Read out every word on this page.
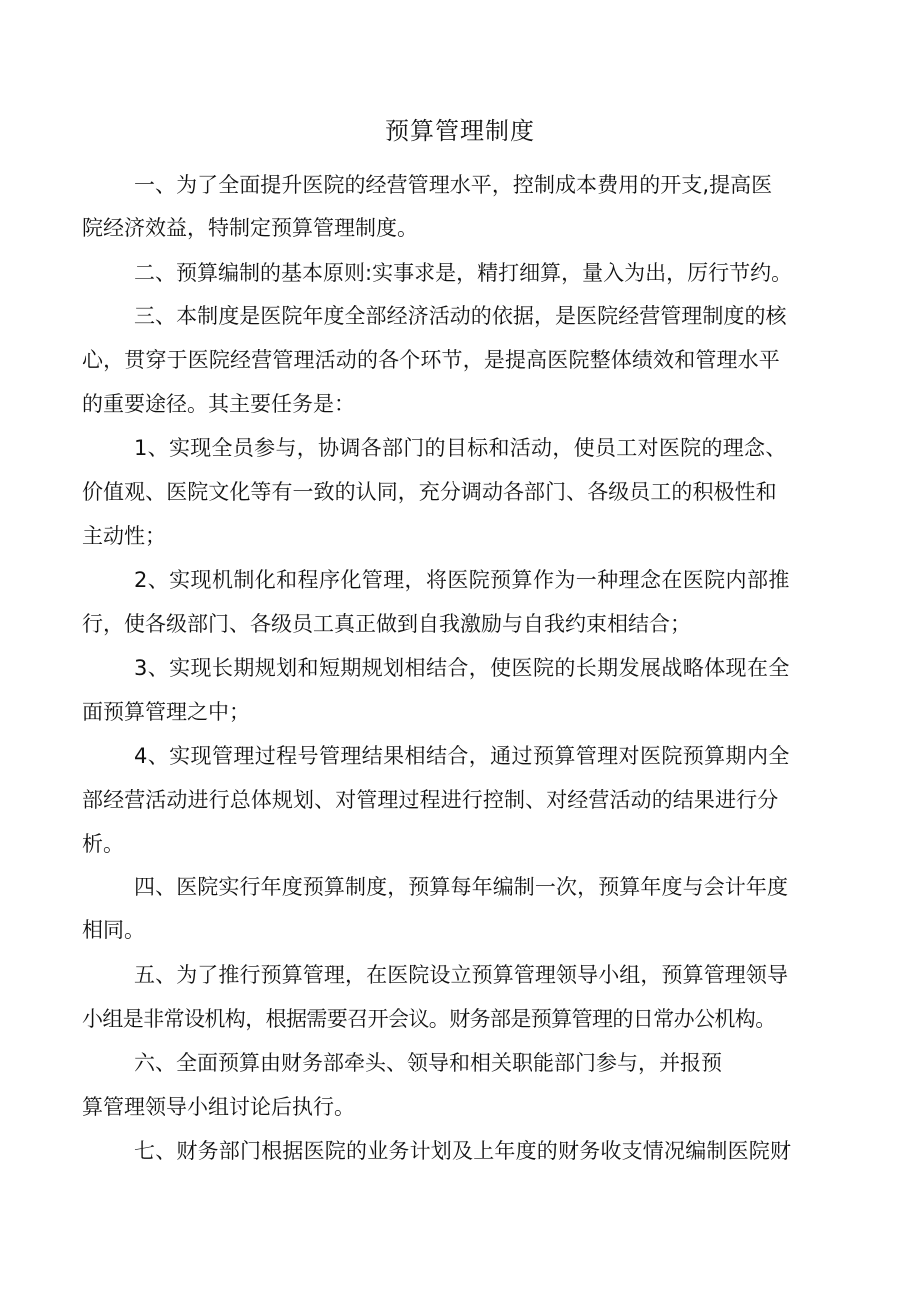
预算管理制度
一、为了全面提升医院的经营管理水平，控制成本费用的开支,提高医
院经济效益，特制定预算管理制度。
二、预算编制的基本原则:实事求是，精打细算，量入为出，厉行节约。
三、本制度是医院年度全部经济活动的依据，是医院经营管理制度的核
心，贯穿于医院经营管理活动的各个环节，是提高医院整体绩效和管理水平
的重要途径。其主要任务是：
1、实现全员参与，协调各部门的目标和活动，使员工对医院的理念、
价值观、医院文化等有一致的认同，充分调动各部门、各级员工的积极性和
主动性；
2、实现机制化和程序化管理，将医院预算作为一种理念在医院内部推
行，使各级部门、各级员工真正做到自我激励与自我约束相结合；
3、实现长期规划和短期规划相结合，使医院的长期发展战略体现在全
面预算管理之中；
4、实现管理过程号管理结果相结合，通过预算管理对医院预算期内全
部经营活动进行总体规划、对管理过程进行控制、对经营活动的结果进行分
析。
四、医院实行年度预算制度，预算每年编制一次，预算年度与会计年度
相同。
五、为了推行预算管理，在医院设立预算管理领导小组，预算管理领导
小组是非常设机构，根据需要召开会议。财务部是预算管理的日常办公机构。
六、全面预算由财务部牵头、领导和相关职能部门参与，并报预
算管理领导小组讨论后执行。
七、财务部门根据医院的业务计划及上年度的财务收支情况编制医院财
